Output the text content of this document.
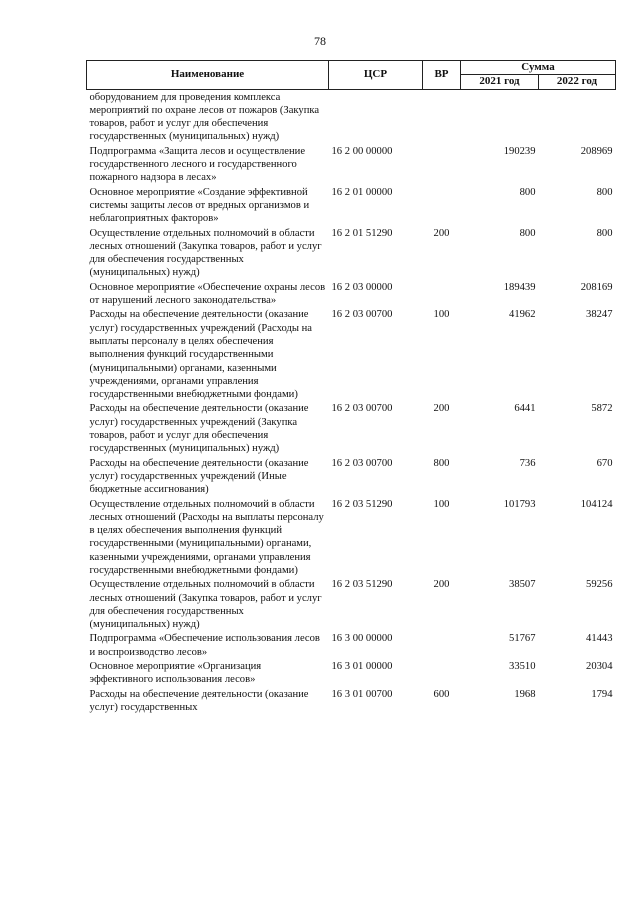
78
Наименование	ЦСР	ВР	Сумма	
			2021 год	2022 год
оборудованием для проведения комплекса мероприятий по охране лесов от пожаров (Закупка товаров, работ и услуг для обеспечения государственных (муниципальных) нужд)				
Подпрограмма «Защита лесов и осуществление государственного лесного и государственного пожарного надзора в лесах»	16 2 00 00000		190239	208969
Основное мероприятие «Создание эффективной системы защиты лесов от вредных организмов и неблагоприятных факторов»	16 2 01 00000		800	800
Осуществление отдельных полномочий в области лесных отношений (Закупка товаров, работ и услуг для обеспечения государственных (муниципальных) нужд)	16 2 01 51290	200	800	800
Основное мероприятие «Обеспечение охраны лесов от нарушений лесного законодательства»	16 2 03 00000		189439	208169
Расходы на обеспечение деятельности (оказание услуг) государственных учреждений (Расходы на выплаты персоналу в целях обеспечения выполнения функций государственными (муниципальными) органами, казенными учреждениями, органами управления государственными внебюджетными фондами)	16 2 03 00700	100	41962	38247
Расходы на обеспечение деятельности (оказание услуг) государственных учреждений (Закупка товаров, работ и услуг для обеспечения государственных (муниципальных) нужд)	16 2 03 00700	200	6441	5872
Расходы на обеспечение деятельности (оказание услуг) государственных учреждений (Иные бюджетные ассигнования)	16 2 03 00700	800	736	670
Осуществление отдельных полномочий в области лесных отношений (Расходы на выплаты персоналу в целях обеспечения выполнения функций государственными (муниципальными) органами, казенными учреждениями, органами управления государственными внебюджетными фондами)	16 2 03 51290	100	101793	104124
Осуществление отдельных полномочий в области лесных отношений (Закупка товаров, работ и услуг для обеспечения государственных (муниципальных) нужд)	16 2 03 51290	200	38507	59256
Подпрограмма «Обеспечение использования лесов и воспроизводство лесов»	16 3 00 00000		51767	41443
Основное мероприятие «Организация эффективного использования лесов»	16 3 01 00000		33510	20304
Расходы на обеспечение деятельности (оказание услуг) государственных	16 3 01 00700	600	1968	1794
